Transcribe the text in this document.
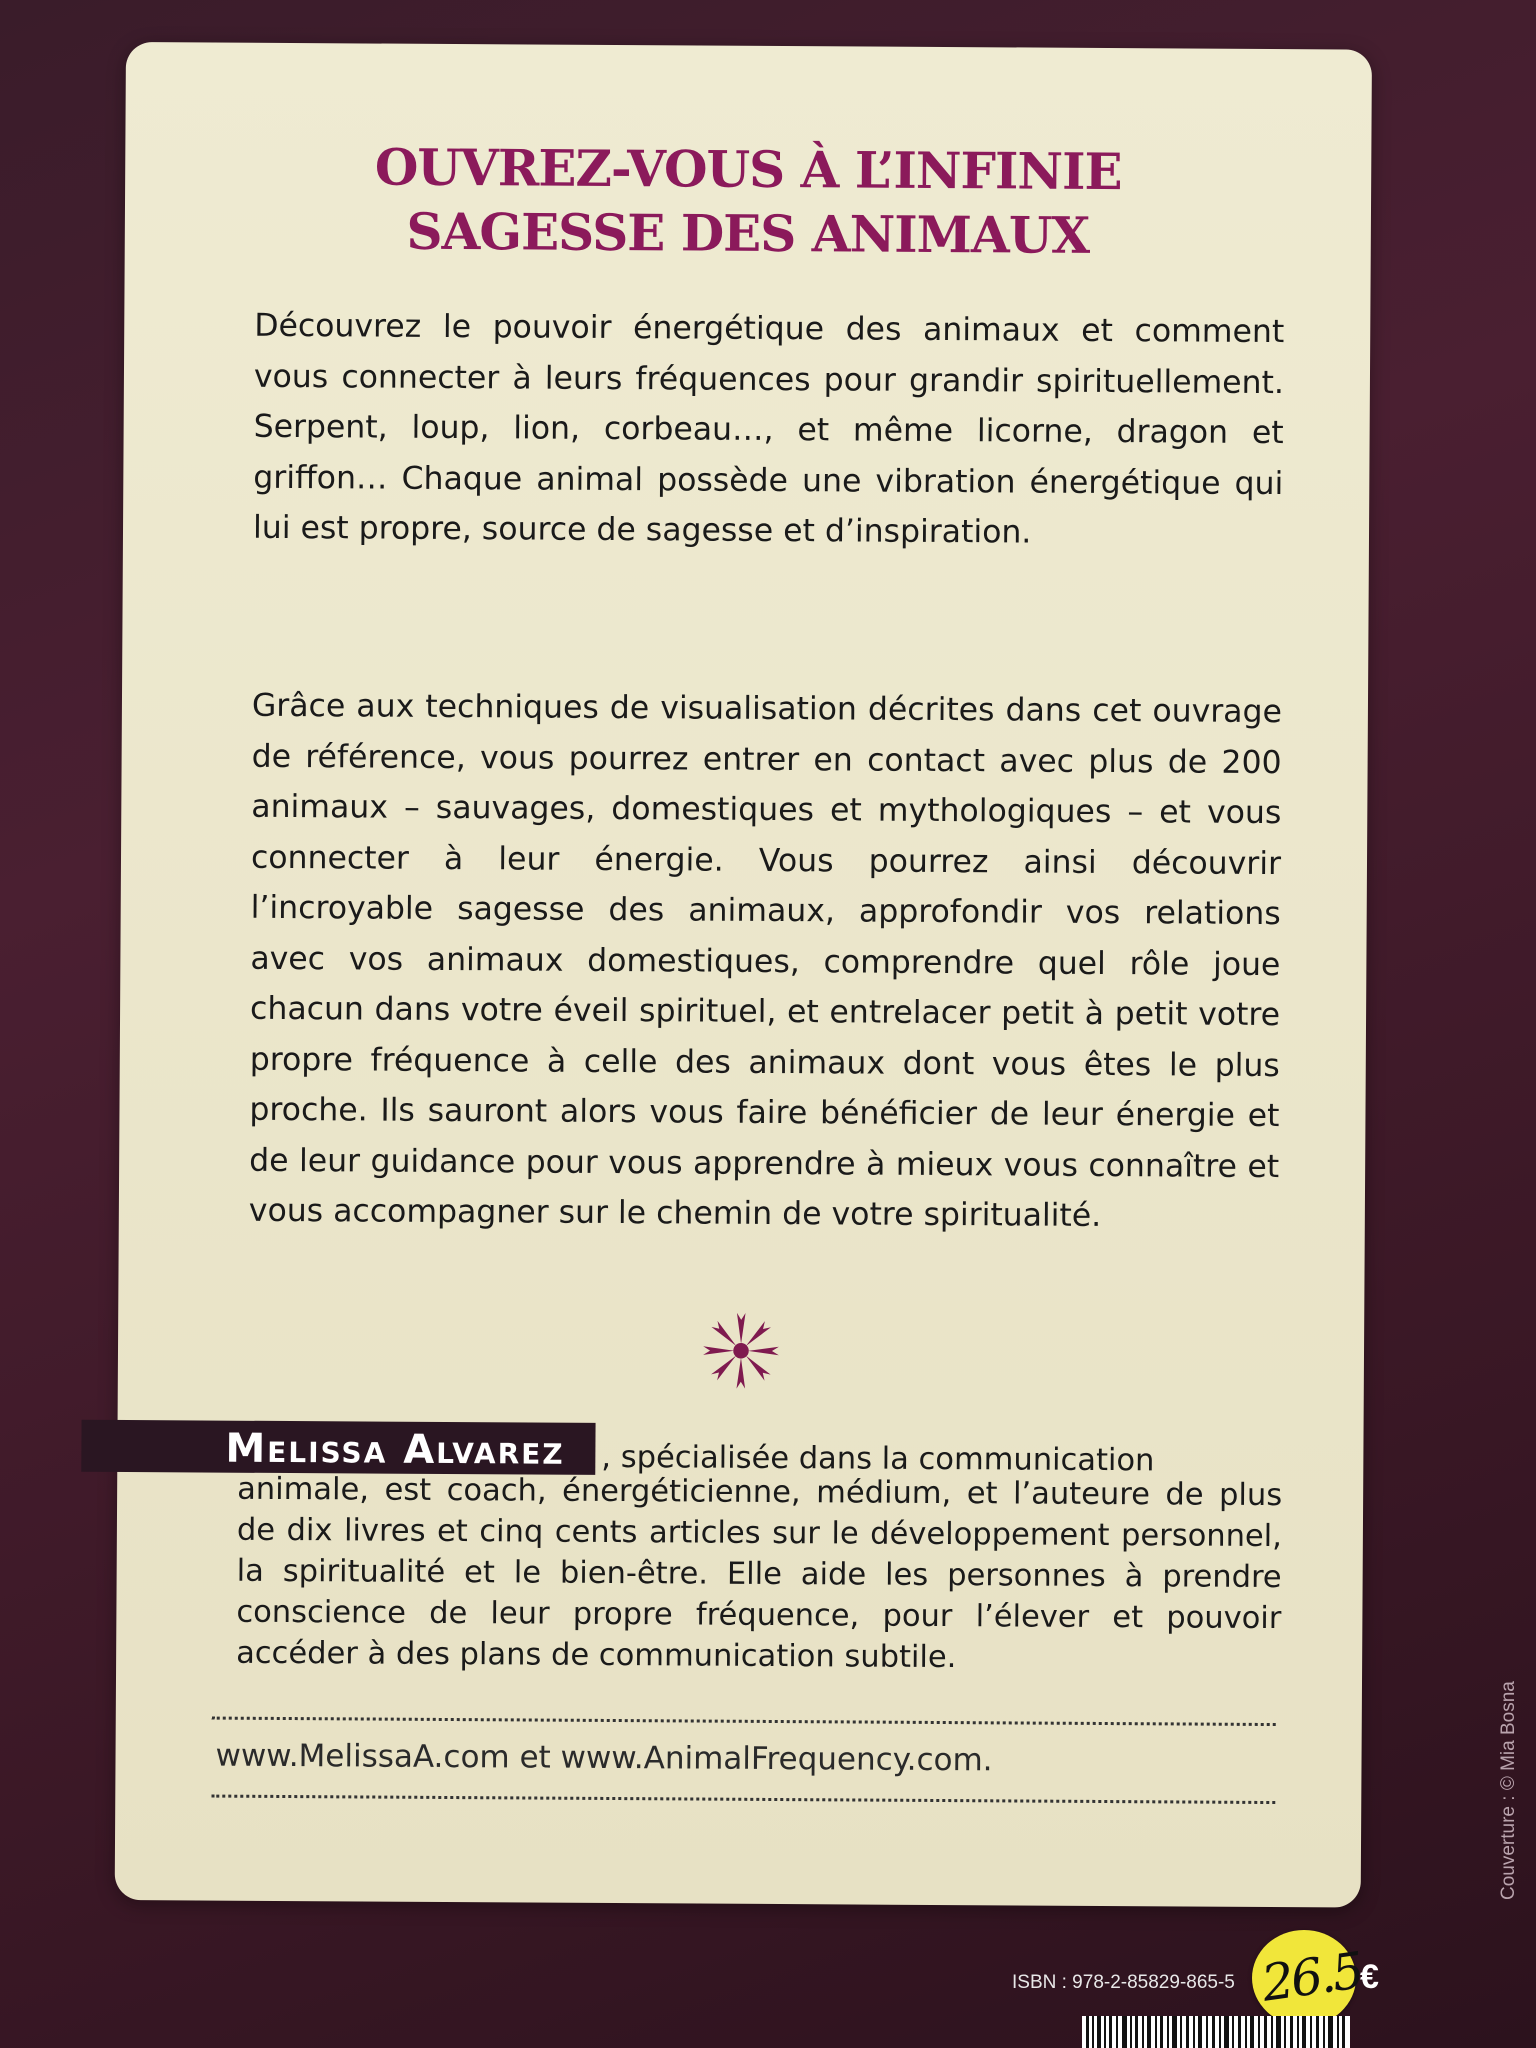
OUVREZ-VOUS À L’INFINIE
SAGESSE DES ANIMAUX
Découvrez le pouvoir énergétique des animaux et comment vous connecter à leurs fréquences pour grandir spirituellement. Serpent, loup, lion, corbeau…, et même licorne, dragon et griffon… Chaque animal possède une vibration énergétique qui lui est propre, source de sagesse et d’inspiration.
Grâce aux techniques de visualisation décrites dans cet ouvrage de référence, vous pourrez entrer en contact avec plus de 200 animaux – sauvages, domestiques et mythologiques – et vous connecter à leur énergie. Vous pourrez ainsi découvrir l’incroyable sagesse des animaux, approfondir vos relations avec vos animaux domestiques, comprendre quel rôle joue chacun dans votre éveil spirituel, et entrelacer petit à petit votre propre fréquence à celle des animaux dont vous êtes le plus proche. Ils sauront alors vous faire bénéficier de leur énergie et de leur guidance pour vous apprendre à mieux vous connaître et vous accompagner sur le chemin de votre spiritualité.
Melissa Alvarez , spécialisée dans la communication
animale, est coach, énergéticienne, médium, et l’auteure de plus de dix livres et cinq cents articles sur le développement personnel, la spiritualité et le bien-être. Elle aide les personnes à prendre conscience de leur propre fréquence, pour l’élever et pouvoir accéder à des plans de communication subtile.
www.MelissaA.com et www.AnimalFrequency.com.
ISBN : 978-2-85829-865-5 26.5
€
Couverture : © Mia Bosna
